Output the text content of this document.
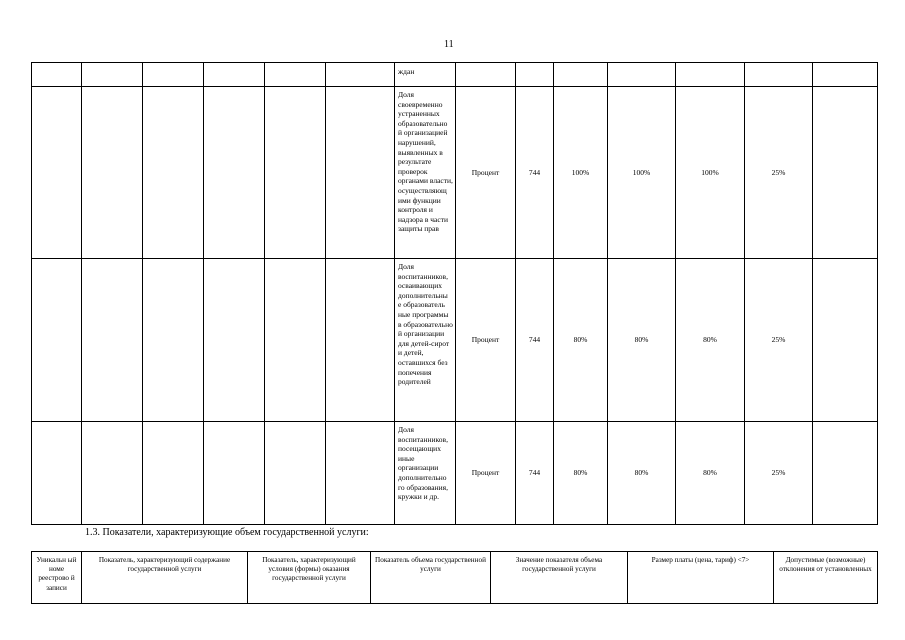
11
						ждан							
						Доля своевременно устраненных образовательно й организацией нарушений, выявленных в результате проверок органами власти, осуществляющ ими функции контроля и надзора в части защиты прав	Процент	744	100%	100%	100%	25%	
						Доля воспитанников, осваивающих дополнительны е образователь ные программы в образовательно й организации для детей-сирот и детей, оставшихся без попечения родителей	Процент	744	80%	80%	80%	25%	
						Доля воспитанников, посещающих иные организации дополнительно го образования, кружки и др.	Процент	744	80%	80%	80%	25%	
1.3. Показатели, характеризующие объем государственной услуги:
Уникальн ый номе реестрово й записи	Показатель, характеризующий содержание государственной услуги	Показатель, характеризующий условия (формы) оказания государственной услуги	Показатель объема государственной услуги	Значение показателя объема государственной услуги	Размер платы (цена, тариф) <7>	Допустимые (возможные) отклонения от установленных
